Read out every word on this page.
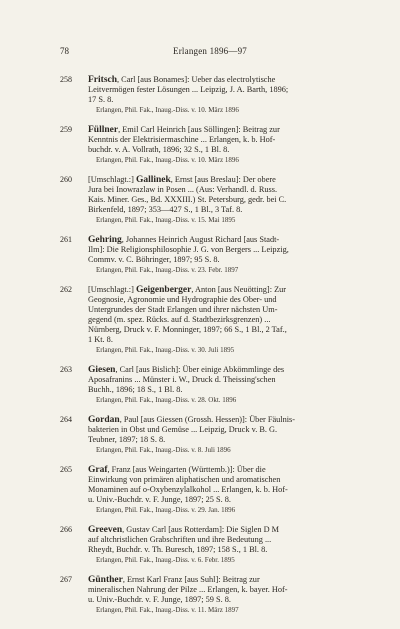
78	Erlangen 1896—97
258 Fritsch, Carl [aus Bonames]: Ueber das electrolytische
Leitvermögen fester Lösungen ... Leipzig, J. A. Barth, 1896;
17 S. 8.
Erlangen, Phil. Fak., Inaug.-Diss. v. 10. März 1896
259 Füllner, Emil Carl Heinrich [aus Söllingen]: Beitrag zur
Kenntnis der Elektrisiermaschine ... Erlangen, k. b. Hof-
buchdr. v. A. Vollrath, 1896; 32 S., 1 Bl. 8.
Erlangen, Phil. Fak., Inaug.-Diss. v. 10. März 1896
260 [Umschlagt.:] Gallinek, Ernst [aus Breslau]: Der obere
Jura bei Inowrazlaw in Posen ... (Aus: Verhandl. d. Russ.
Kais. Miner. Ges., Bd. XXXIII.) St. Petersburg, gedr. bei C.
Birkenfeld, 1897; 353—427 S., 1 Bl., 3 Taf. 8.
Erlangen, Phil. Fak., Inaug.-Diss. v. 15. Mai 1895
261 Gehring, Johannes Heinrich August Richard [aus Stadt-
Ilm]: Die Religionsphilosophie J. G. von Bergers ... Leipzig,
Commv. v. C. Böhringer, 1897; 95 S. 8.
Erlangen, Phil. Fak., Inaug.-Diss. v. 23. Febr. 1897
262 [Umschlagt.:] Geigenberger, Anton [aus Neuötting]: Zur
Geognosie, Agronomie und Hydrographie des Ober- und
Untergrundes der Stadt Erlangen und ihrer nächsten Um-
gegend (m. spez. Rücks. auf d. Stadtbezirksgrenzen) ...
Nürnberg, Druck v. F. Monninger, 1897; 66 S., 1 Bl., 2 Taf.,
1 Kt. 8.
Erlangen, Phil. Fak., Inaug.-Diss. v. 30. Juli 1895
263 Giesen, Carl [aus Bislich]: Über einige Abkömmlinge des
Aposafranins ... Münster i. W., Druck d. Theissing'schen
Buchh., 1896; 18 S., 1 Bl. 8.
Erlangen, Phil. Fak., Inaug.-Diss. v. 28. Okt. 1896
264 Gordan, Paul [aus Giessen (Grossh. Hessen)]: Über Fäulnis-
bakterien in Obst und Gemüse ... Leipzig, Druck v. B. G.
Teubner, 1897; 18 S. 8.
Erlangen, Phil. Fak., Inaug.-Diss. v. 8. Juli 1896
265 Graf, Franz [aus Weingarten (Württemb.)]: Über die
Einwirkung von primären aliphatischen und aromatischen
Monaminen auf o-Oxybenzylalkohol ... Erlangen, k. b. Hof-
u. Univ.-Buchdr. v. F. Junge, 1897; 25 S. 8.
Erlangen, Phil. Fak., Inaug.-Diss. v. 29. Jan. 1896
266 Greeven, Gustav Carl [aus Rotterdam]: Die Siglen D M
auf altchristlichen Grabschriften und ihre Bedeutung ...
Rheydt, Buchdr. v. Th. Buresch, 1897; 158 S., 1 Bl. 8.
Erlangen, Phil. Fak., Inaug.-Diss. v. 6. Febr. 1895
267 Günther, Ernst Karl Franz [aus Suhl]: Beitrag zur
mineralischen Nahrung der Pilze ... Erlangen, k. bayer. Hof-
u. Univ.-Buchdr. v. F. Junge, 1897; 59 S. 8.
Erlangen, Phil. Fak., Inaug.-Diss. v. 11. März 1897
